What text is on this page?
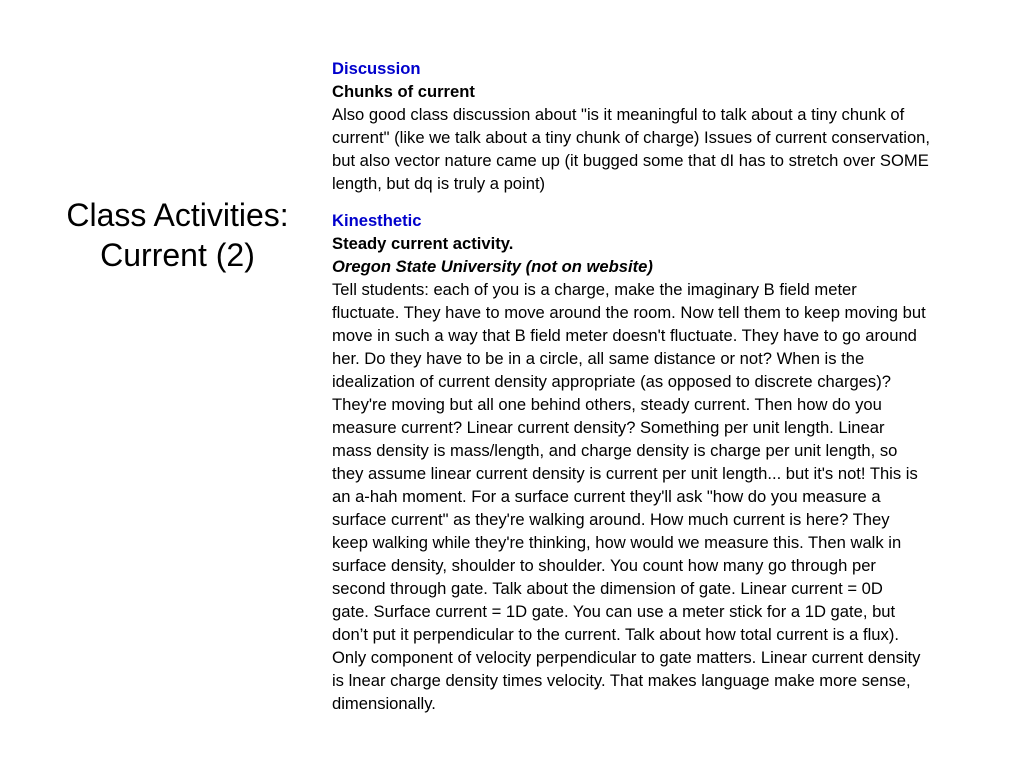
Class Activities:
Current (2)
Discussion
Chunks of current
Also good class discussion about "is it meaningful to talk about a tiny chunk of
current" (like we talk about a tiny chunk of charge) Issues of current conservation,
but also vector nature came up (it bugged some that dI has to stretch over SOME
length, but dq is truly a point)
Kinesthetic
Steady current activity.
Oregon State University (not on website)
Tell students: each of you is a charge, make the imaginary B field meter
fluctuate. They have to move around the room. Now tell them to keep moving but
move in such a way that B field meter doesn't fluctuate. They have to go around
her. Do they have to be in a circle, all same distance or not? When is the
idealization of current density appropriate (as opposed to discrete charges)?
They're moving but all one behind others, steady current. Then how do you
measure current? Linear current density? Something per unit length. Linear
mass density is mass/length, and charge density is charge per unit length, so
they assume linear current density is current per unit length... but it's not! This is
an a-hah moment. For a surface current they'll ask "how do you measure a
surface current" as they're walking around. How much current is here? They
keep walking while they're thinking, how would we measure this. Then walk in
surface density, shoulder to shoulder. You count how many go through per
second through gate. Talk about the dimension of gate. Linear current = 0D
gate. Surface current = 1D gate. You can use a meter stick for a 1D gate, but
don’t put it perpendicular to the current. Talk about how total current is a flux).
Only component of velocity perpendicular to gate matters. Linear current density
is lnear charge density times velocity. That makes language make more sense,
dimensionally.
